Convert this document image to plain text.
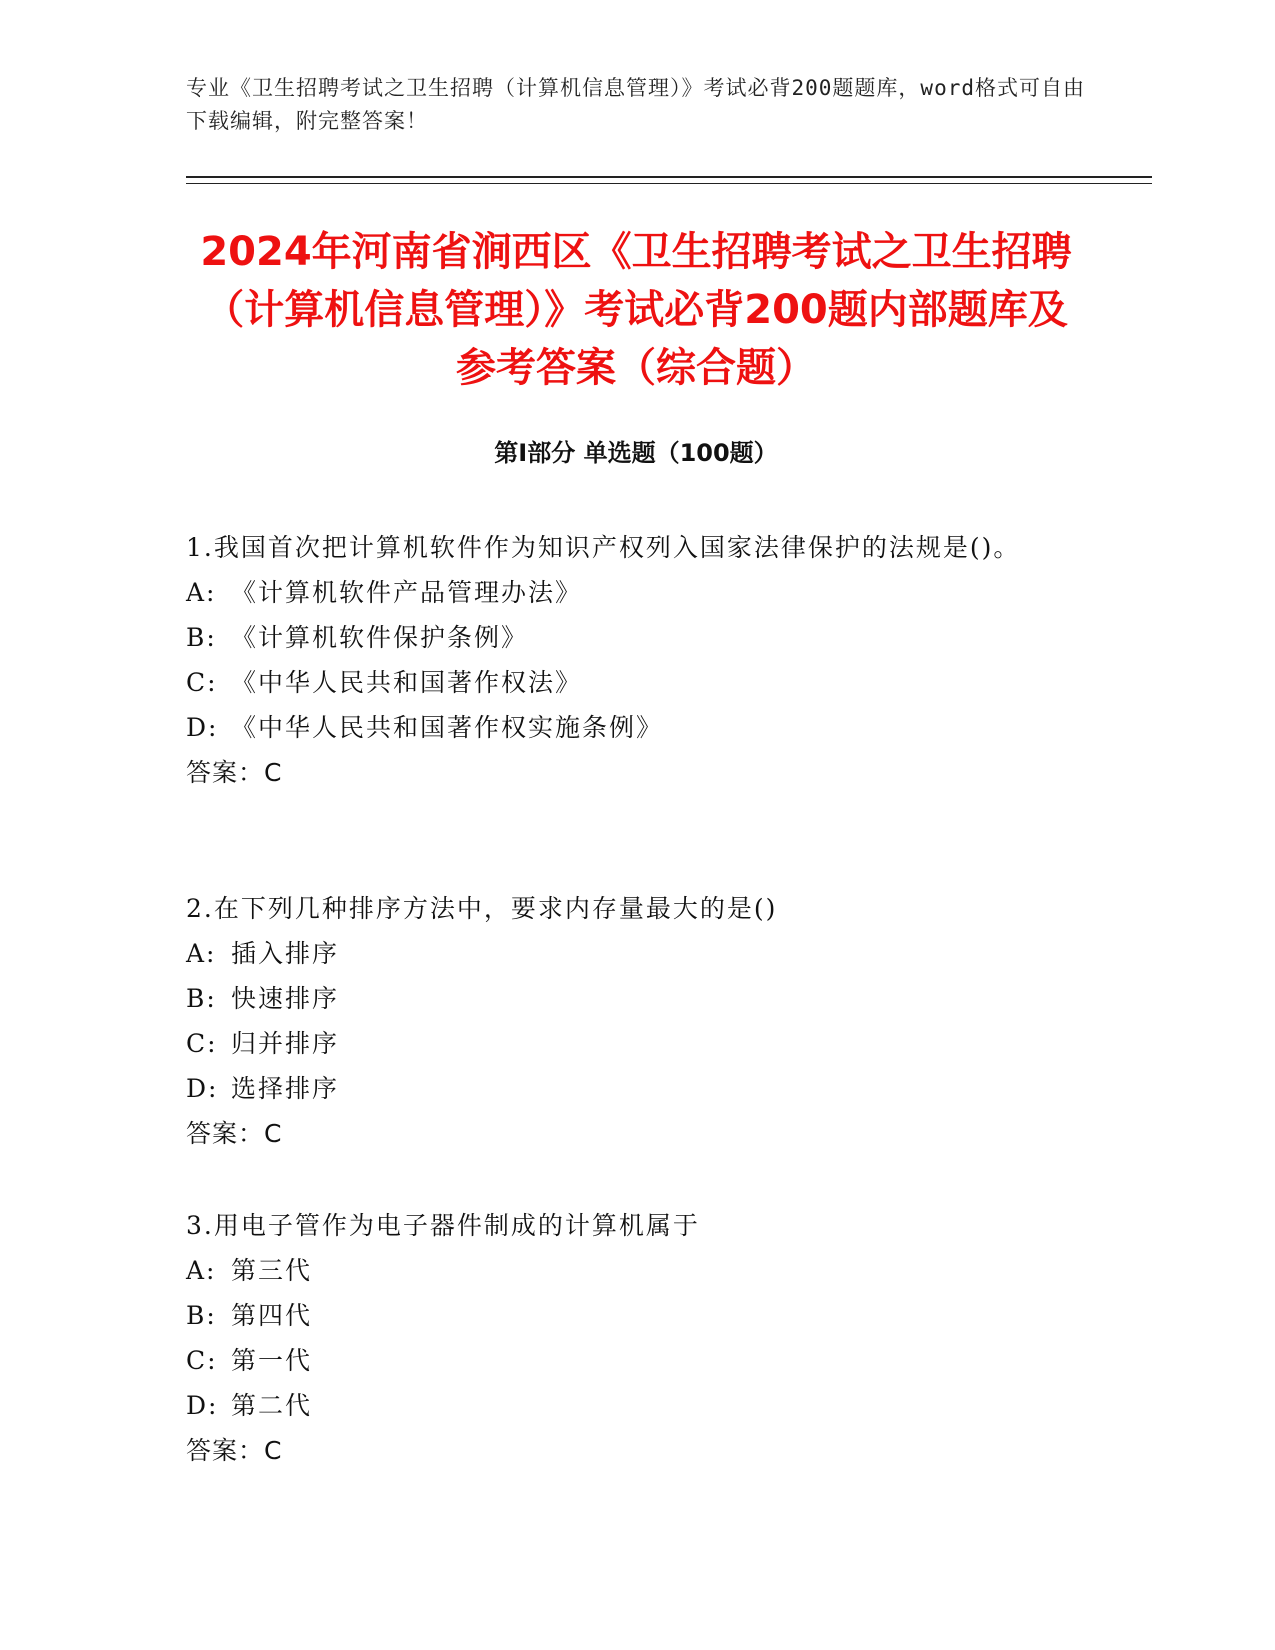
专业《卫生招聘考试之卫生招聘（计算机信息管理）》考试必背200题题库，word格式可自由下载编辑，附完整答案！
2024年河南省涧西区《卫生招聘考试之卫生招聘（计算机信息管理）》考试必背200题内部题库及参考答案（综合题）
第Ⅰ部分 单选题（100题）

1.我国首次把计算机软件作为知识产权列入国家法律保护的法规是()。

A: 《计算机软件产品管理办法》

B: 《计算机软件保护条例》

C: 《中华人民共和国著作权法》

D: 《中华人民共和国著作权实施条例》

答案：C

2.在下列几种排序方法中，要求内存量最大的是()

A: 插入排序

B: 快速排序

C: 归并排序

D: 选择排序

答案：C

3.用电子管作为电子器件制成的计算机属于

A: 第三代

B: 第四代

C: 第一代

D: 第二代

答案：C
